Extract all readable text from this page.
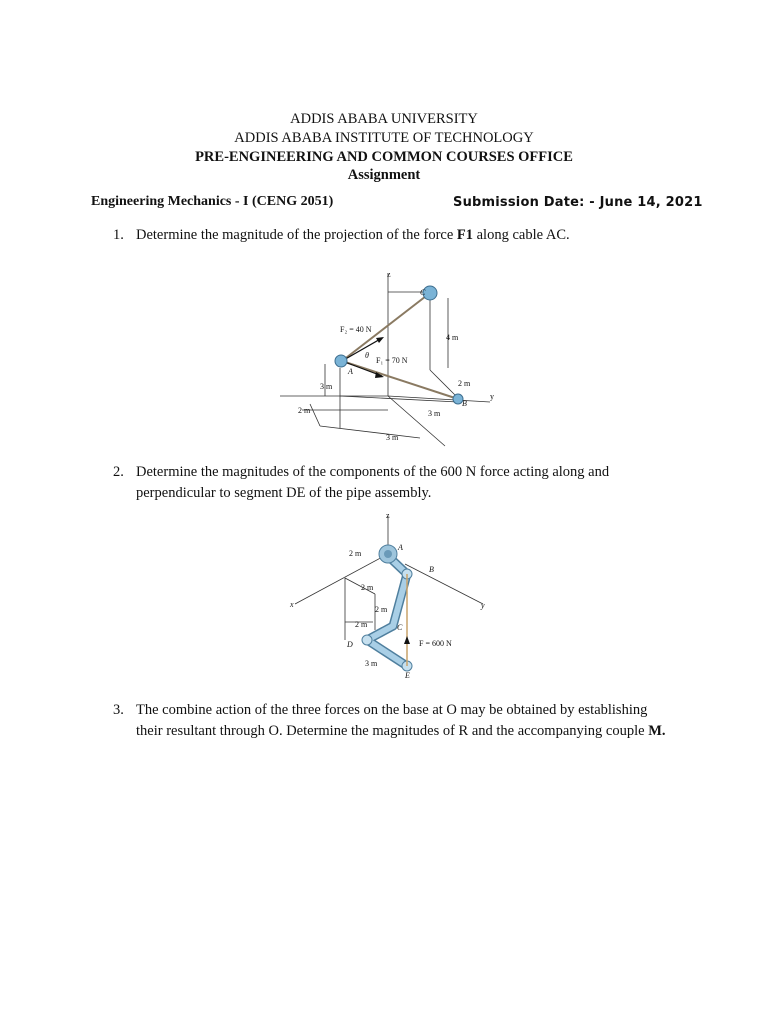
ADDIS ABABA UNIVERSITY
ADDIS ABABA INSTITUTE OF TECHNOLOGY
PRE-ENGINEERING AND COMMON COURSES OFFICE
Assignment
Engineering Mechanics - I (CENG 2051)	Submission Date: - June 14, 2021
1. Determine the magnitude of the projection of the force F1 along cable AC.
z
y
C
A
B
F₂ = 40 N
F₁ = 70 N
θ
4 m
2 m
3 m
2 m	3 m
3 m
2. Determine the magnitudes of the components of the 600 N force acting along and perpendicular to segment DE of the pipe assembly.
z
x	y
A
B
C
D
E
F = 600 N
2 m
2 m
2 m
2 m
3 m
3. The combine action of the three forces on the base at O may be obtained by establishing their resultant through O. Determine the magnitudes of R and the accompanying couple M.
